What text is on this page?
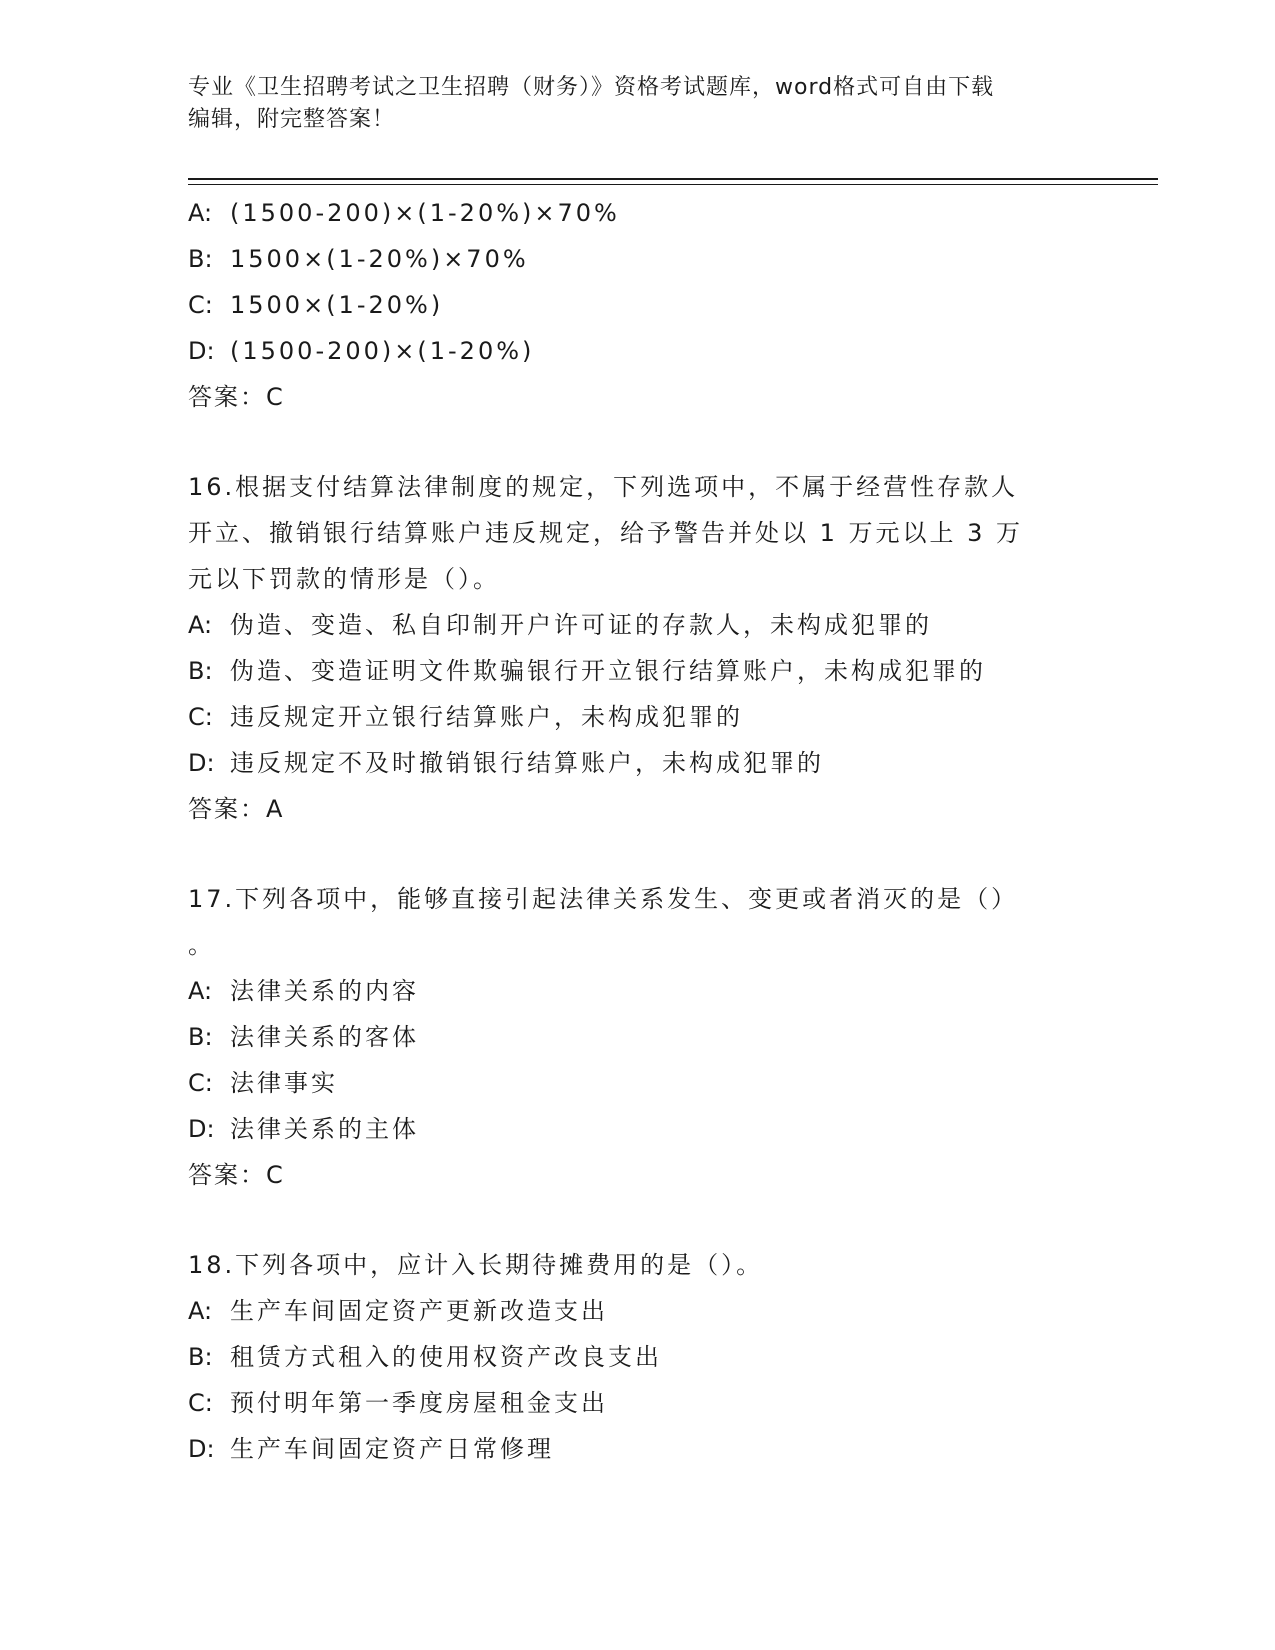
专业《卫生招聘考试之卫生招聘（财务）》资格考试题库，word格式可自由下载
编辑，附完整答案！
A: (1500-200)×(1-20%)×70%
B: 1500×(1-20%)×70%
C: 1500×(1-20%)
D: (1500-200)×(1-20%)
答案：C
16.根据支付结算法律制度的规定，下列选项中，不属于经营性存款人
开立、撤销银行结算账户违反规定，给予警告并处以 1 万元以上 3 万
元以下罚款的情形是（）。
A: 伪造、变造、私自印制开户许可证的存款人，未构成犯罪的
B: 伪造、变造证明文件欺骗银行开立银行结算账户，未构成犯罪的
C: 违反规定开立银行结算账户，未构成犯罪的
D: 违反规定不及时撤销银行结算账户，未构成犯罪的
答案：A
17.下列各项中，能够直接引起法律关系发生、变更或者消灭的是（）
。
A: 法律关系的内容
B: 法律关系的客体
C: 法律事实
D: 法律关系的主体
答案：C
18.下列各项中，应计入长期待摊费用的是（）。
A: 生产车间固定资产更新改造支出
B: 租赁方式租入的使用权资产改良支出
C: 预付明年第一季度房屋租金支出
D: 生产车间固定资产日常修理
